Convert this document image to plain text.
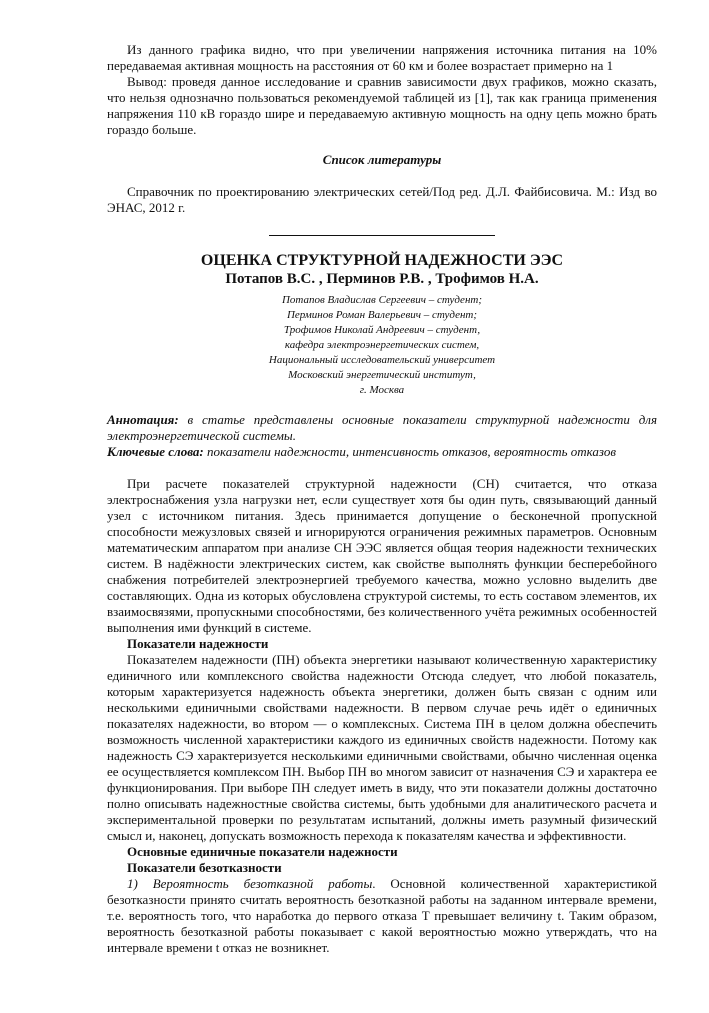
Из данного графика видно, что при увеличении напряжения источника питания на 10% передаваемая активная мощность на расстояния от 60 км и более возрастает примерно на 1

Вывод: проведя данное исследование и сравнив зависимости двух графиков, можно сказать, что нельзя однозначно пользоваться рекомендуемой таблицей из [1], так как граница применения напряжения 110 кВ гораздо шире и передаваемую активную мощность на одну цепь можно брать гораздо больше.

Список литературы

Справочник по проектированию электрических сетей/Под ред. Д.Л. Файбисовича. М.: Изд во ЭНАС, 2012 г.

ОЦЕНКА СТРУКТУРНОЙ НАДЕЖНОСТИ ЭЭС

Потапов В.С. , Перминов Р.В. , Трофимов Н.А.

Потапов Владислав Сергеевич – студент;
Перминов Роман Валерьевич – студент;
Трофимов Николай Андреевич – студент,
кафедра электроэнергетических систем,
Национальный исследовательский университет
Московский энергетический институт,
г. Москва

Аннотация: в статье представлены основные показатели структурной надежности для электроэнергетической системы.

Ключевые слова: показатели надежности, интенсивность отказов, вероятность отказов

При расчете показателей структурной надежности (СН) считается, что отказа электроснабжения узла нагрузки нет, если существует хотя бы один путь, связывающий данный узел с источником питания. Здесь принимается допущение о бесконечной пропускной способности межузловых связей и игнорируются ограничения режимных параметров. Основным математическим аппаратом при анализе СН ЭЭС является общая теория надежности технических систем. В надёжности электрических систем, как свойстве выполнять функции бесперебойного снабжения потребителей электроэнергией требуемого качества, можно условно выделить две составляющих. Одна из которых обусловлена структурой системы, то есть составом элементов, их взаимосвязями, пропускными способностями, без количественного учёта режимных особенностей выполнения ими функций в системе.

Показатели надежности

Показателем надежности (ПН) объекта энергетики называют количественную характеристику единичного или комплексного свойства надежности Отсюда следует, что любой показатель, которым характеризуется надежность объекта энергетики, должен быть связан с одним или несколькими единичными свойствами надежности. В первом случае речь идёт о единичных показателях надежности, во втором — о комплексных. Система ПН в целом должна обеспечить возможность численной характеристики каждого из единичных свойств надежности. Потому как надежность СЭ характеризуется несколькими единичными свойствами, обычно численная оценка ее осуществляется комплексом ПН. Выбор ПН во многом зависит от назначения СЭ и характера ее функционирования. При выборе ПН следует иметь в виду, что эти показатели должны достаточно полно описывать надежностные свойства системы, быть удобными для аналитического расчета и экспериментальной проверки по результатам испытаний, должны иметь разумный физический смысл и, наконец, допускать возможность перехода к показателям качества и эффективности.

Основные единичные показатели надежности

Показатели безотказности

1) Вероятность безотказной работы. Основной количественной характеристикой безотказности принято считать вероятность безотказной работы на заданном интервале времени, т.е. вероятность того, что наработка до первого отказа T превышает величину t. Таким образом, вероятность безотказной работы показывает с какой вероятностью можно утверждать, что на интервале времени t отказ не возникнет.
